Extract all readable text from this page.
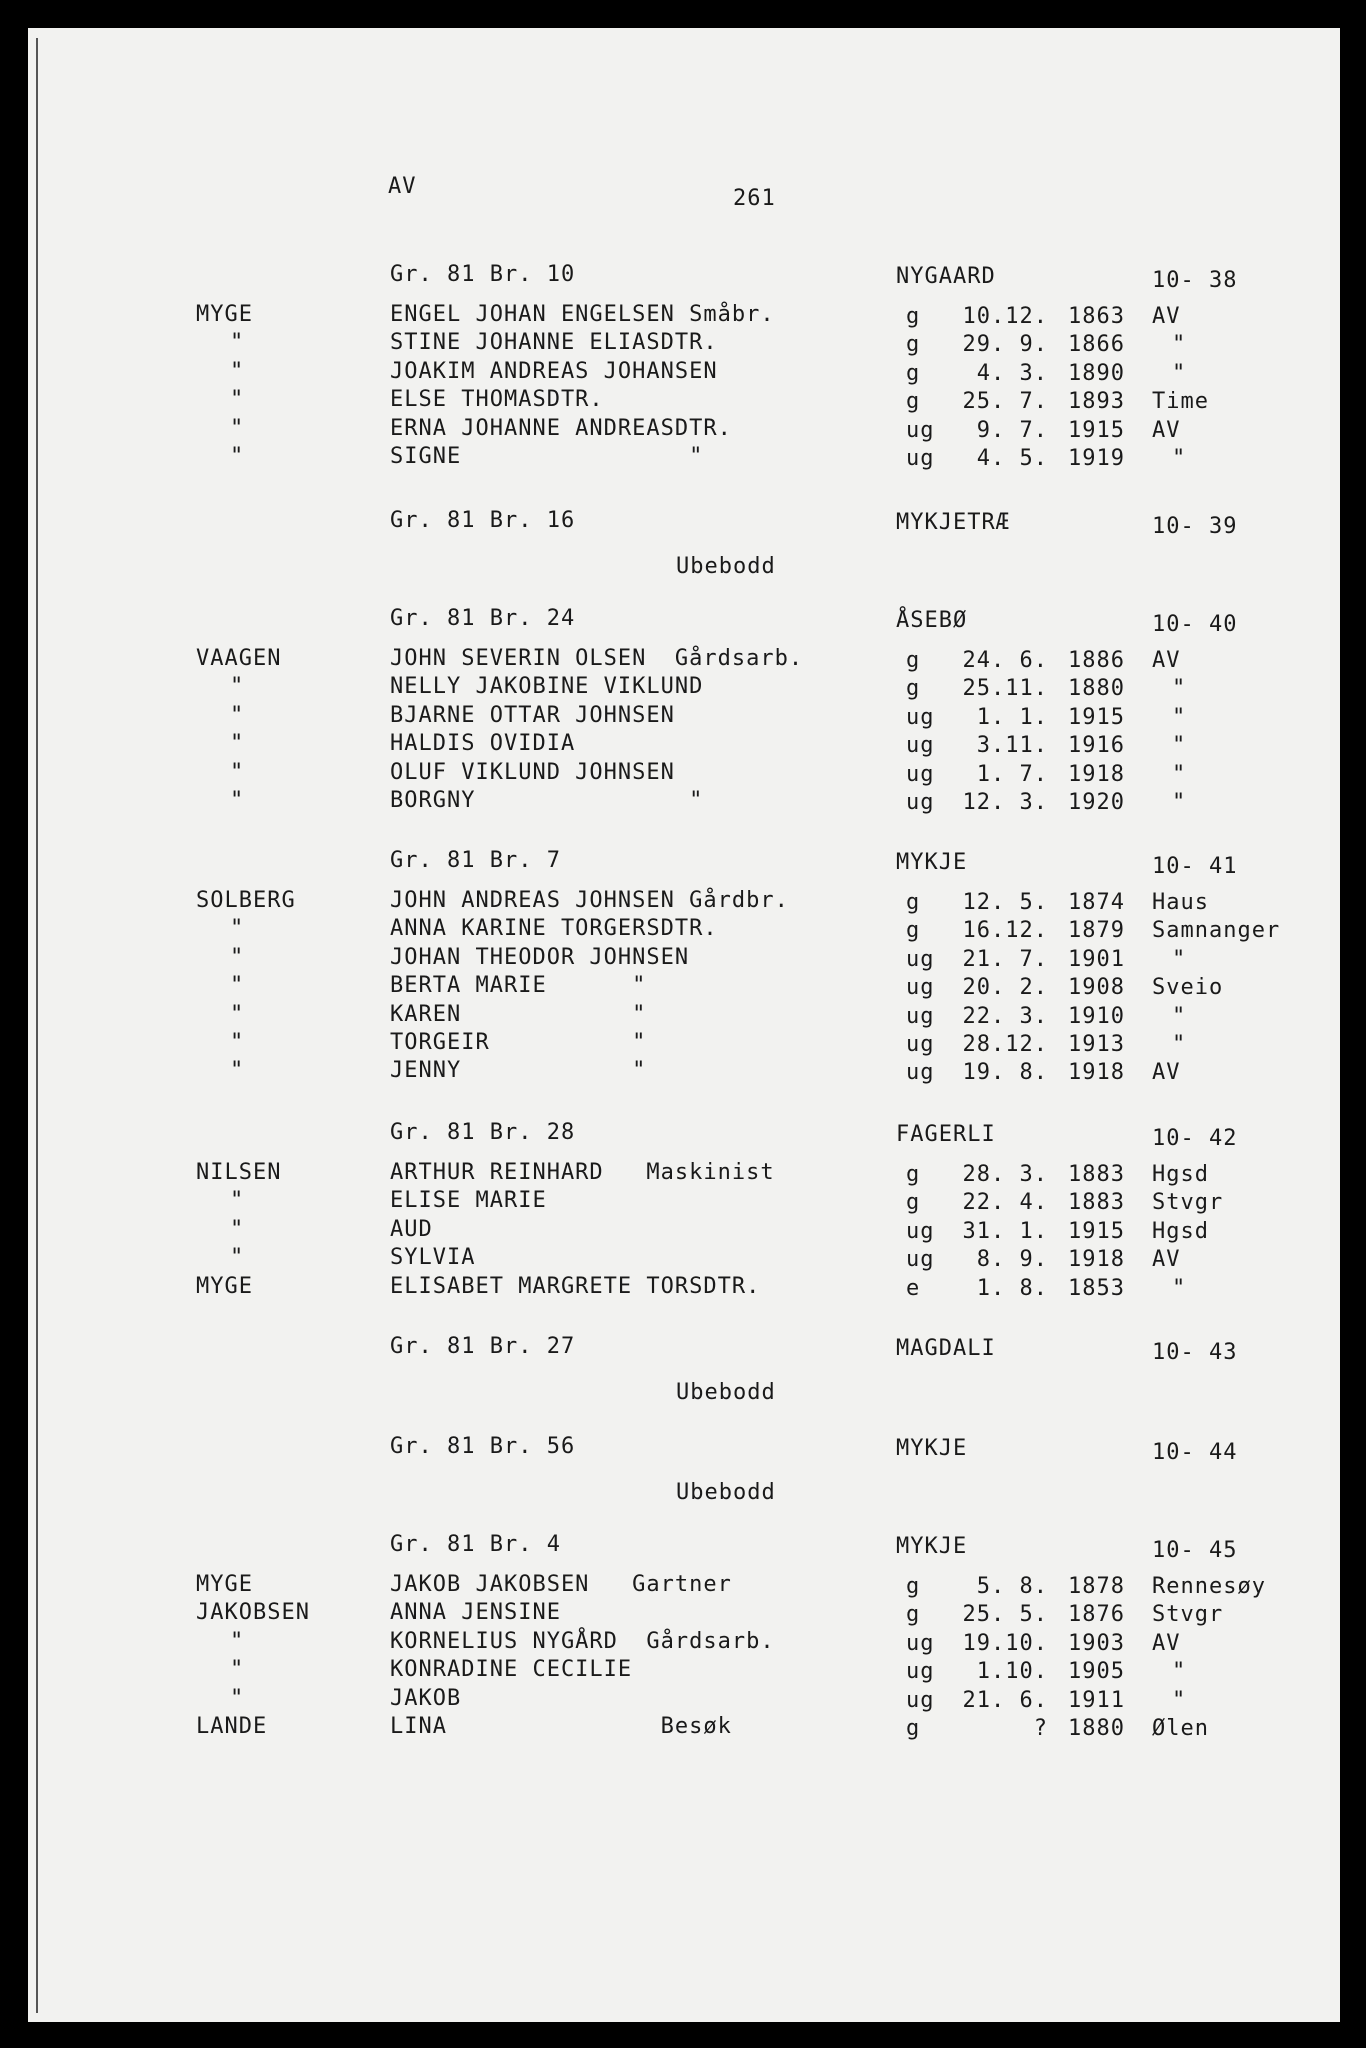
AV	261
Gr. 81 Br. 10	NYGAARD	10- 38
MYGE	ENGEL JOHAN ENGELSEN Småbr.	g	10.12. 1863 AV
"	STINE JOHANNE ELIASDTR.	g	29. 9. 1866 "
"	JOAKIM ANDREAS JOHANSEN	g	4. 3. 1890 "
"	ELSE THOMASDTR.	g	25. 7. 1893 Time
"	ERNA JOHANNE ANDREASDTR.	ug	9. 7. 1915 AV
"	SIGNE                "	ug	4. 5. 1919 "
Gr. 81 Br. 16	MYKJETRÆ	10- 39
Ubebodd
Gr. 81 Br. 24	ÅSEBØ	10- 40
VAAGEN	JOHN SEVERIN OLSEN  Gårdsarb.	g	24. 6. 1886 AV
"	NELLY JAKOBINE VIKLUND	g	25.11. 1880 "
"	BJARNE OTTAR JOHNSEN	ug	1. 1. 1915 "
"	HALDIS OVIDIA	ug	3.11. 1916 "
"	OLUF VIKLUND JOHNSEN	ug	1. 7. 1918 "
"	BORGNY               "	ug	12. 3. 1920 "
Gr. 81 Br. 7	MYKJE	10- 41
SOLBERG	JOHN ANDREAS JOHNSEN Gårdbr.	g	12. 5. 1874 Haus
"	ANNA KARINE TORGERSDTR.	g	16.12. 1879 Samnanger
"	JOHAN THEODOR JOHNSEN	ug	21. 7. 1901 "
"	BERTA MARIE      "	ug	20. 2. 1908 Sveio
"	KAREN            "	ug	22. 3. 1910 "
"	TORGEIR          "	ug	28.12. 1913 "
"	JENNY            "	ug	19. 8. 1918 AV
Gr. 81 Br. 28	FAGERLI	10- 42
NILSEN	ARTHUR REINHARD   Maskinist	g	28. 3. 1883 Hgsd
"	ELISE MARIE	g	22. 4. 1883 Stvgr
"	AUD	ug	31. 1. 1915 Hgsd
"	SYLVIA	ug	8. 9. 1918 AV
MYGE	ELISABET MARGRETE TORSDTR.	e	1. 8. 1853 "
Gr. 81 Br. 27	MAGDALI	10- 43
Ubebodd
Gr. 81 Br. 56	MYKJE	10- 44
Ubebodd
Gr. 81 Br. 4	MYKJE	10- 45
MYGE	JAKOB JAKOBSEN   Gartner	g	5. 8. 1878 Rennesøy
JAKOBSEN	ANNA JENSINE	g	25. 5. 1876 Stvgr
"	KORNELIUS NYGÅRD  Gårdsarb.	ug	19.10. 1903 AV
"	KONRADINE CECILIE	ug	1.10. 1905 "
"	JAKOB	ug	21. 6. 1911 "
LANDE	LINA               Besøk	g	? 1880 Ølen
